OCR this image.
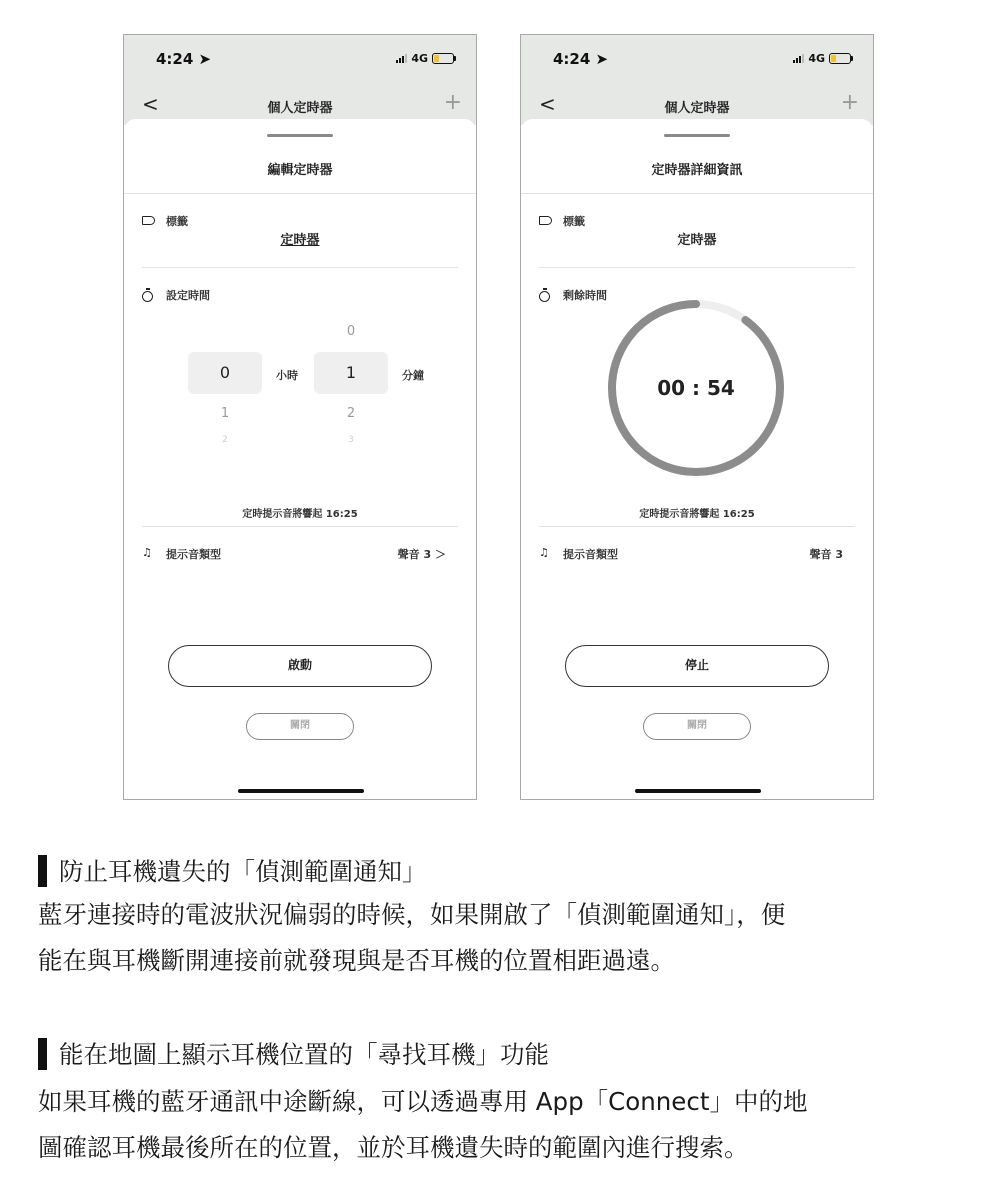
4:24 ➤	4G
<	個人定時器	+
編輯定時器
標籤
定時器
設定時間
0
1
2
小時
0
1
2
3
分鐘
定時提示音將響起 16:25
♫ 提示音類型	聲音 3 ＞
啟動
關閉
4:24 ➤	4G
<	個人定時器	+
定時器詳細資訊
標籤
定時器
剩餘時間
00 : 54
定時提示音將響起 16:25
♫ 提示音類型	聲音 3
停止
關閉
防止耳機遺失的「偵測範圍通知」
藍牙連接時的電波狀況偏弱的時候，如果開啟了「偵測範圍通知」，便
能在與耳機斷開連接前就發現與是否耳機的位置相距過遠。
能在地圖上顯示耳機位置的「尋找耳機」功能
如果耳機的藍牙通訊中途斷線，可以透過專用 App「Connect」中的地
圖確認耳機最後所在的位置，並於耳機遺失時的範圍內進行搜索。
